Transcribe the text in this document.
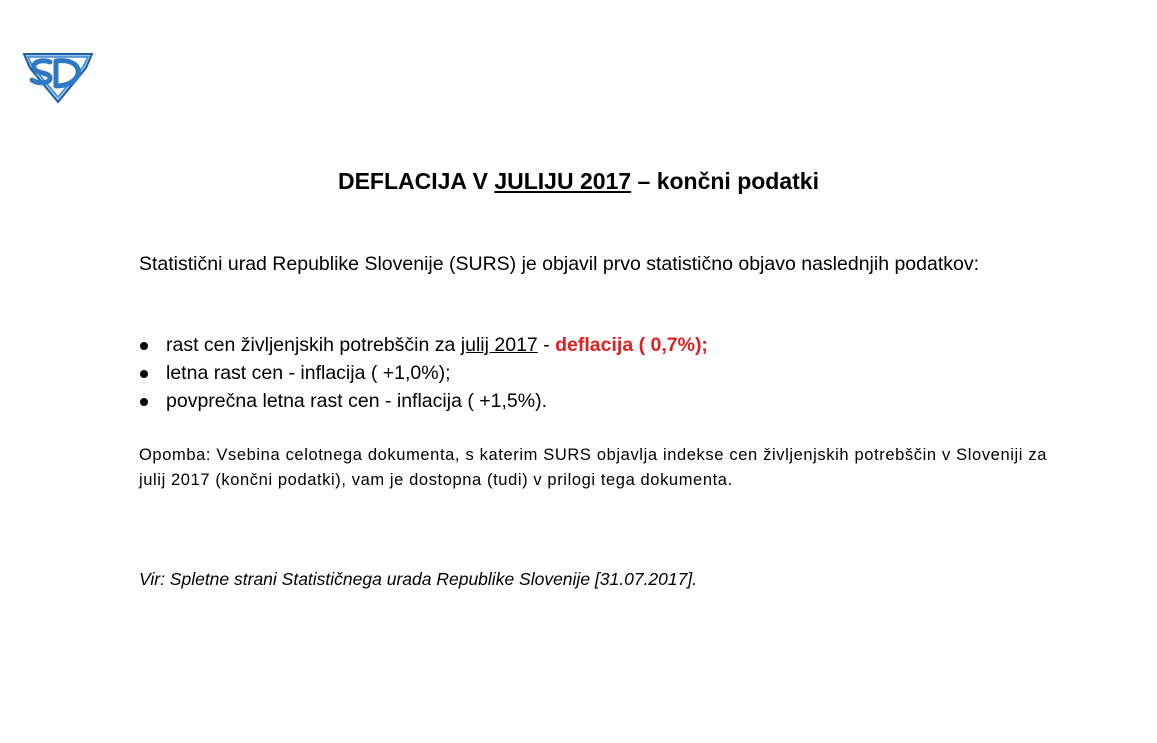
DEFLACIJA V JULIJU 2017 – končni podatki

Statistični urad Republike Slovenije (SURS) je objavil prvo statistično objavo naslednjih podatkov:

rast cen življenjskih potrebščin za julij 2017 - deflacija ( 0,7%);
letna rast cen - inflacija ( +1,0%);
povprečna letna rast cen - inflacija ( +1,5%).

Opomba: Vsebina celotnega dokumenta, s katerim SURS objavlja indekse cen življenjskih potrebščin v Sloveniji za julij 2017 (končni podatki), vam je dostopna (tudi) v prilogi tega dokumenta.

Vir: Spletne strani Statističnega urada Republike Slovenije [31.07.2017].
